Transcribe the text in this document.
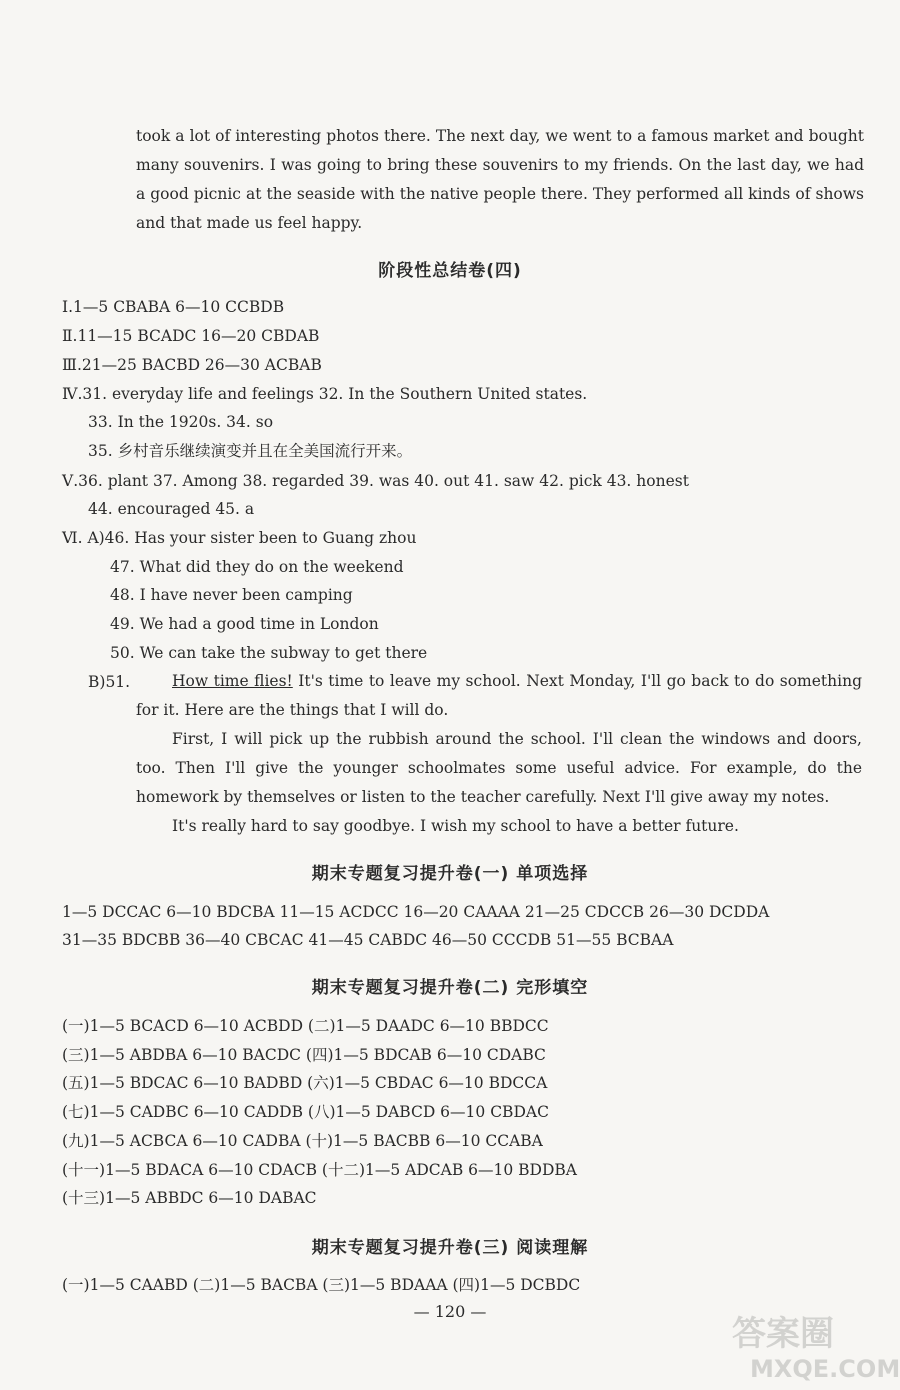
took a lot of interesting photos there. The next day, we went to a famous market and bought many souvenirs. I was going to bring these souvenirs to my friends. On the last day, we had a good picnic at the seaside with the native people there. They performed all kinds of shows and that made us feel happy.

阶段性总结卷(四)
Ⅰ.1—5 CBABA 6—10 CCBDB
Ⅱ.11—15 BCADC 16—20 CBDAB
Ⅲ.21—25 BACBD 26—30 ACBAB
Ⅳ.31. everyday life and feelings 32. In the Southern United states.
33. In the 1920s. 34. so
35. 乡村音乐继续演变并且在全美国流行开来。
Ⅴ.36. plant 37. Among 38. regarded 39. was 40. out 41. saw 42. pick 43. honest
44. encouraged 45. a
Ⅵ. A)46. Has your sister been to Guang zhou
47. What did they do on the weekend
48. I have never been camping
49. We had a good time in London
50. We can take the subway to get there
B)51.	How time flies! It's time to leave my school. Next Monday, I'll go back to do something for it. Here are the things that I will do.

First, I will pick up the rubbish around the school. I'll clean the windows and doors, too. Then I'll give the younger schoolmates some useful advice. For example, do the homework by themselves or listen to the teacher carefully. Next I'll give away my notes.

It's really hard to say goodbye. I wish my school to have a better future.

期末专题复习提升卷(一) 单项选择
1—5 DCCAC 6—10 BDCBA 11—15 ACDCC 16—20 CAAAA 21—25 CDCCB 26—30 DCDDA
31—35 BDCBB 36—40 CBCAC 41—45 CABDC 46—50 CCCDB 51—55 BCBAA
期末专题复习提升卷(二) 完形填空
(一)1—5 BCACD 6—10 ACBDD (二)1—5 DAADC 6—10 BBDCC
(三)1—5 ABDBA 6—10 BACDC (四)1—5 BDCAB 6—10 CDABC
(五)1—5 BDCAC 6—10 BADBD (六)1—5 CBDAC 6—10 BDCCA
(七)1—5 CADBC 6—10 CADDB (八)1—5 DABCD 6—10 CBDAC
(九)1—5 ACBCA 6—10 CADBA (十)1—5 BACBB 6—10 CCABA
(十一)1—5 BDACA 6—10 CDACB (十二)1—5 ADCAB 6—10 BDDBA
(十三)1—5 ABBDC 6—10 DABAC
期末专题复习提升卷(三) 阅读理解
(一)1—5 CAABD (二)1—5 BACBA (三)1—5 BDAAA (四)1—5 DCBDC
— 120 —
答案圈
MXQE.COM
